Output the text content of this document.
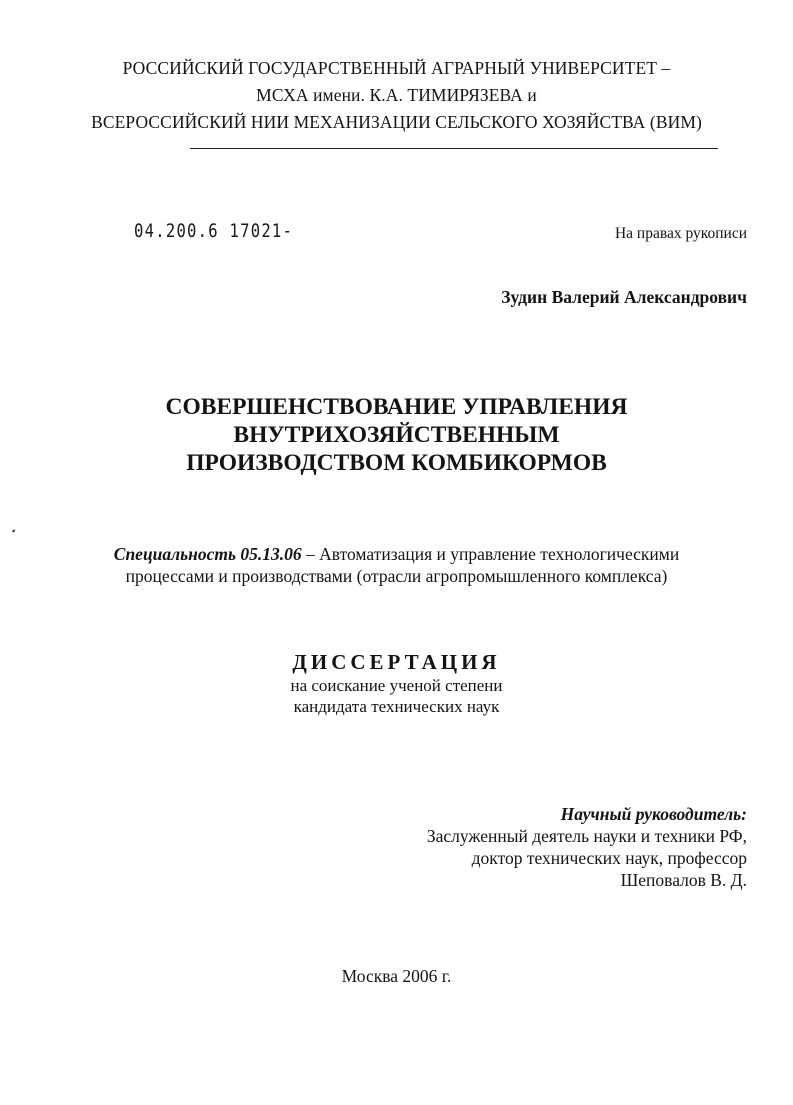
РОССИЙСКИЙ ГОСУДАРСТВЕННЫЙ АГРАРНЫЙ УНИВЕРСИТЕТ –
МСХА имени. К.А. ТИМИРЯЗЕВА и
ВСЕРОССИЙСКИЙ НИИ МЕХАНИЗАЦИИ СЕЛЬСКОГО ХОЗЯЙСТВА (ВИМ)
04.200.6 17021-	На правах рукописи
Зудин Валерий Александрович
СОВЕРШЕНСТВОВАНИЕ УПРАВЛЕНИЯ
ВНУТРИХОЗЯЙСТВЕННЫМ
ПРОИЗВОДСТВОМ КОМБИКОРМОВ
Специальность 05.13.06 – Автоматизация и управление технологическими
процессами и производствами (отрасли агропромышленного комплекса)
ДИССЕРТАЦИЯ
на соискание ученой степени
кандидата технических наук
Научный руководитель:
Заслуженный деятель науки и техники РФ,
доктор технических наук, профессор
Шеповалов В. Д.
Москва 2006 г.
